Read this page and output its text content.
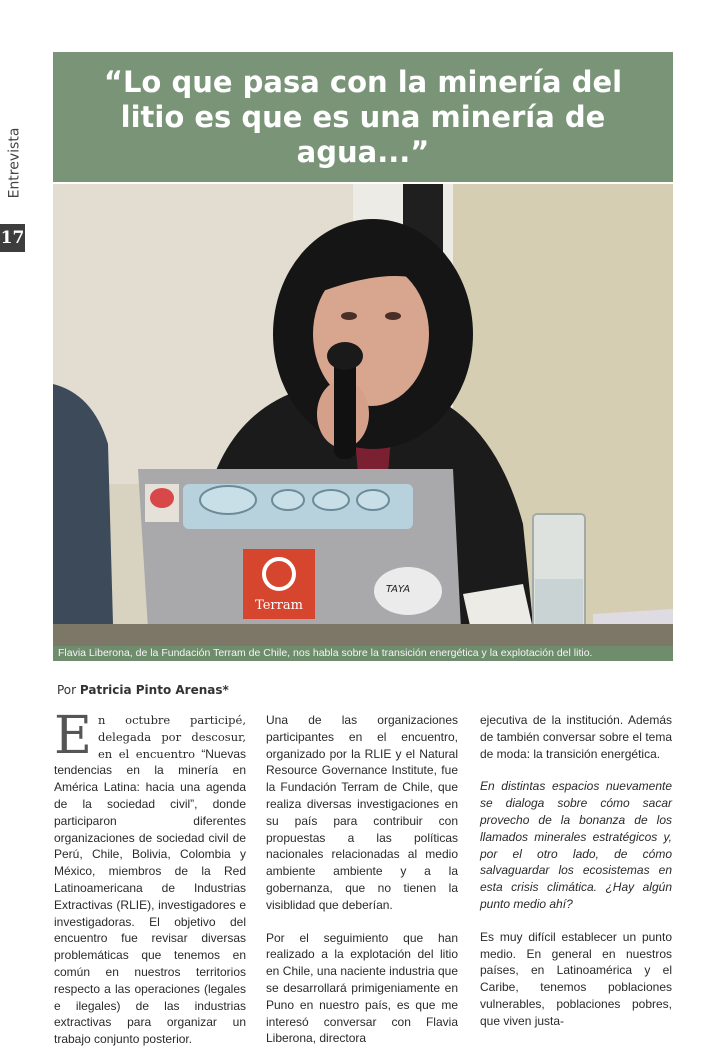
Entrevista
17
“Lo que pasa con la minería del litio es que es una minería de agua...”
Terram
TAYA
Flavia Liberona, de la Fundación Terram de Chile, nos habla sobre la transición energética y la explotación del litio.
Por Patricia Pinto Arenas*
E n octubre participé, delegada por descosur, en el encuentro “Nuevas tendencias en la minería en América Latina: hacia una agenda de la sociedad civil”, donde participaron diferentes organizaciones de sociedad civil de Perú, Chile, Bolivia, Colombia y México, miembros de la Red Latinoamericana de Industrias Extractivas (RLIE), investigadores e investigadoras. El objetivo del encuentro fue revisar diversas problemáticas que tenemos en común en nuestros territorios respecto a las operaciones (legales e ilegales) de las industrias extractivas para organizar un trabajo conjunto posterior.

Una de las organizaciones participantes en el encuentro, organizado por la RLIE y el Natural Resource Governance Institute, fue la Fundación Terram de Chile, que realiza diversas investigaciones en su país para contribuir con propuestas a las políticas nacionales relacionadas al medio ambiente ambiente y a la gobernanza, que no tienen la visiblidad que deberían.

Por el seguimiento que han realizado a la explotación del litio en Chile, una naciente industria que se desarrollará primigeniamente en Puno en nuestro país, es que me interesó conversar con Flavia Liberona, directora

ejecutiva de la institución. Además de también conversar sobre el tema de moda: la transición energética.

En distintas espacios nuevamente se dialoga sobre cómo sacar provecho de la bonanza de los llamados minerales estratégicos y, por el otro lado, de cómo salvaguardar los ecosistemas en esta crisis climática. ¿Hay algún punto medio ahí?

Es muy difícil establecer un punto medio. En general en nuestros países, en Latinoamérica y el Caribe, tenemos poblaciones vulnerables, poblaciones pobres, que viven justa-
